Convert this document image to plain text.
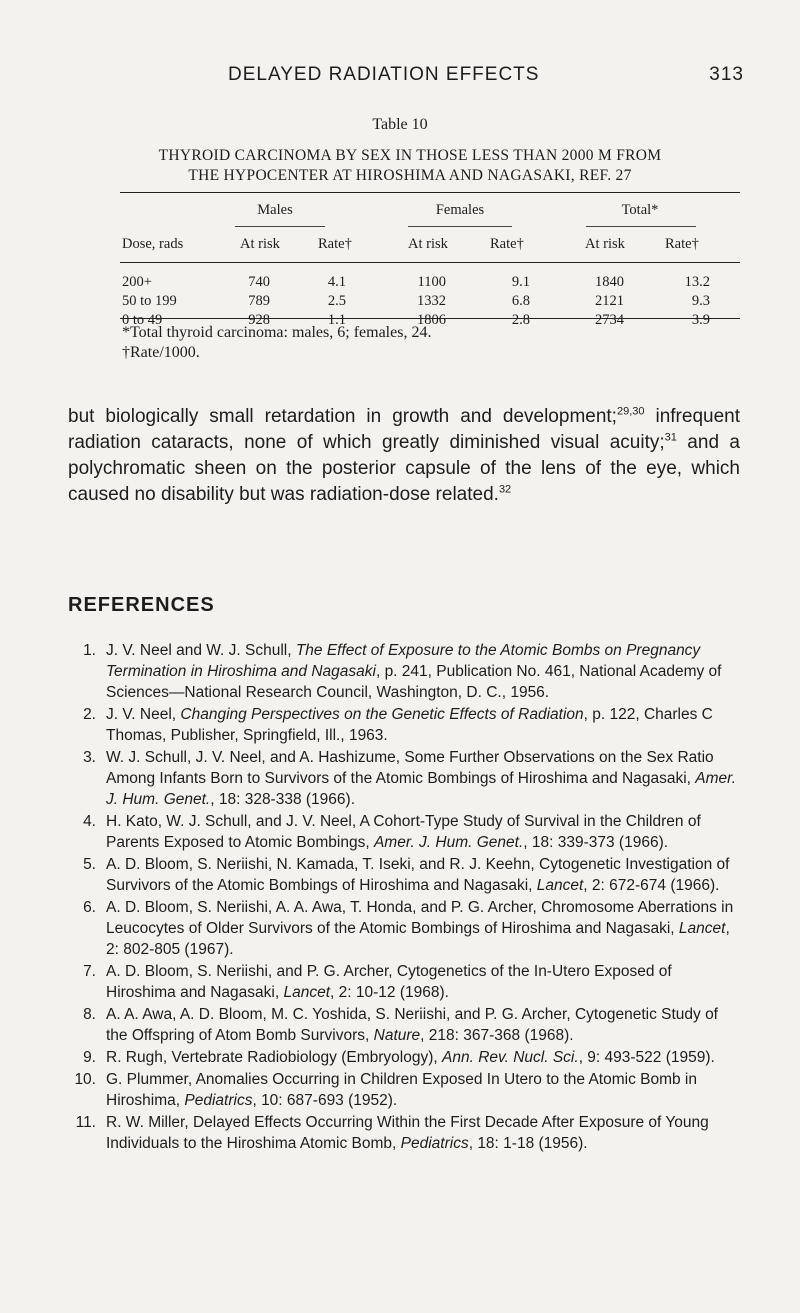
DELAYED RADIATION EFFECTS	313
Table 10
THYROID CARCINOMA BY SEX IN THOSE LESS THAN 2000 M FROM
THE HYPOCENTER AT HIROSHIMA AND NAGASAKI, REF. 27
Males	Females	Total*
Dose, rads	At risk	Rate†	At risk	Rate†	At risk	Rate†
200+	740	4.1	1100	9.1	1840	13.2
50 to 199	789	2.5	1332	6.8	2121	9.3
0 to 49	928	1.1	1806	2.8	2734	3.9
*Total thyroid carcinoma: males, 6; females, 24.
†Rate/1000.
but biologically small retardation in growth and development;$^{29,30}$ infrequent radiation cataracts, none of which greatly diminished visual acuity;$^{31}$ and a polychromatic sheen on the posterior capsule of the lens of the eye, which caused no disability but was radiation-dose related.$^{32}$
REFERENCES
1. J. V. Neel and W. J. Schull, The Effect of Exposure to the Atomic Bombs on Pregnancy Termination in Hiroshima and Nagasaki, p. 241, Publication No. 461, National Academy of Sciences—National Research Council, Washington, D. C., 1956.
2. J. V. Neel, Changing Perspectives on the Genetic Effects of Radiation, p. 122, Charles C Thomas, Publisher, Springfield, Ill., 1963.
3. W. J. Schull, J. V. Neel, and A. Hashizume, Some Further Observations on the Sex Ratio Among Infants Born to Survivors of the Atomic Bombings of Hiroshima and Nagasaki, Amer. J. Hum. Genet., 18: 328-338 (1966).
4. H. Kato, W. J. Schull, and J. V. Neel, A Cohort-Type Study of Survival in the Children of Parents Exposed to Atomic Bombings, Amer. J. Hum. Genet., 18: 339-373 (1966).
5. A. D. Bloom, S. Neriishi, N. Kamada, T. Iseki, and R. J. Keehn, Cytogenetic Investigation of Survivors of the Atomic Bombings of Hiroshima and Nagasaki, Lancet, 2: 672-674 (1966).
6. A. D. Bloom, S. Neriishi, A. A. Awa, T. Honda, and P. G. Archer, Chromosome Aberrations in Leucocytes of Older Survivors of the Atomic Bombings of Hiroshima and Nagasaki, Lancet, 2: 802-805 (1967).
7. A. D. Bloom, S. Neriishi, and P. G. Archer, Cytogenetics of the In-Utero Exposed of Hiroshima and Nagasaki, Lancet, 2: 10-12 (1968).
8. A. A. Awa, A. D. Bloom, M. C. Yoshida, S. Neriishi, and P. G. Archer, Cytogenetic Study of the Offspring of Atom Bomb Survivors, Nature, 218: 367-368 (1968).
9. R. Rugh, Vertebrate Radiobiology (Embryology), Ann. Rev. Nucl. Sci., 9: 493-522 (1959).
10. G. Plummer, Anomalies Occurring in Children Exposed In Utero to the Atomic Bomb in Hiroshima, Pediatrics, 10: 687-693 (1952).
11. R. W. Miller, Delayed Effects Occurring Within the First Decade After Exposure of Young Individuals to the Hiroshima Atomic Bomb, Pediatrics, 18: 1-18 (1956).
